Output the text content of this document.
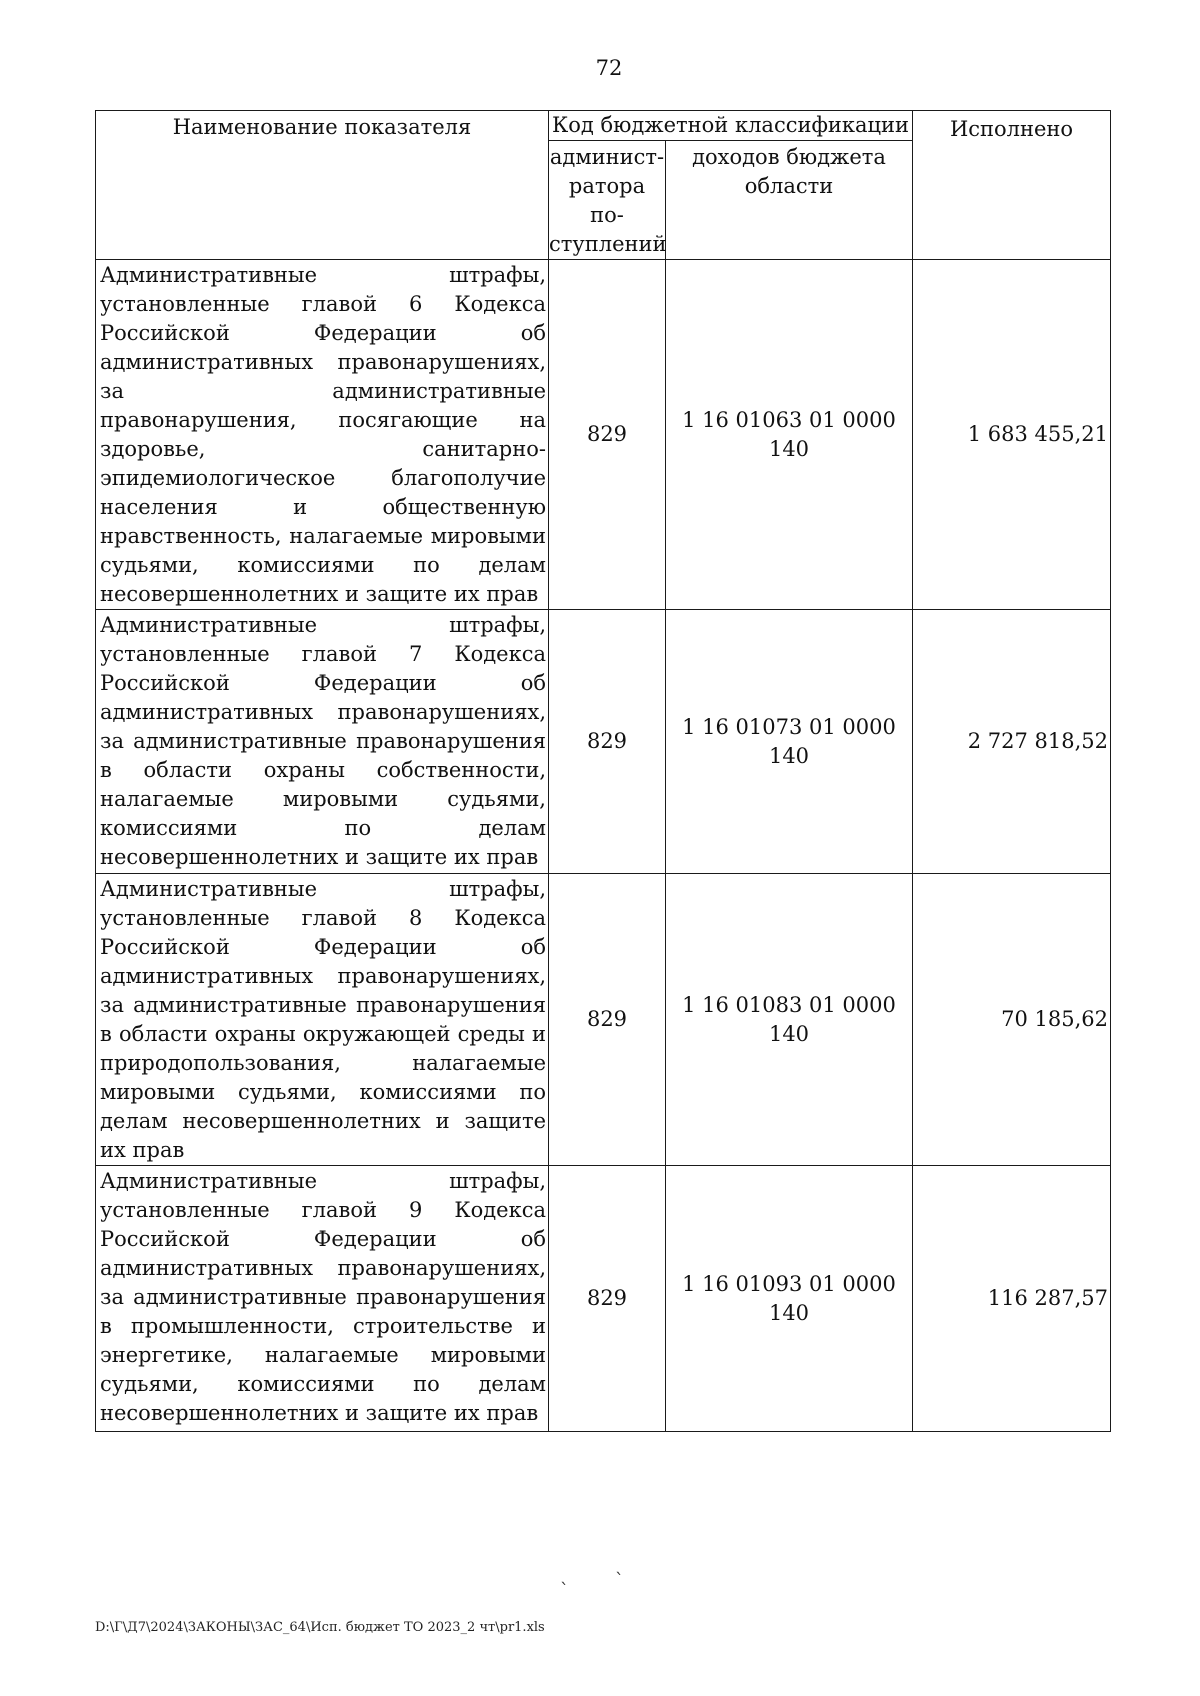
72
Наименование показателя	Код бюджетной классификации		Исполнено
	админист-ратора по-ступлений	доходов бюджета области	
Административные штрафы, установленные главой 6 Кодекса Российской Федерации об административных правонарушениях, за административные правонарушения, посягающие на здоровье, санитарно-эпидемиологическое благополучие населения и общественную нравственность, налагаемые мировыми судьями, комиссиями по делам несовершеннолетних и защите их прав	829	1 16 01063 01 0000 140	1 683 455,21
Административные штрафы, установленные главой 7 Кодекса Российской Федерации об административных правонарушениях, за административные правонарушения в области охраны собственности, налагаемые мировыми судьями, комиссиями по делам несовершеннолетних и защите их прав	829	1 16 01073 01 0000 140	2 727 818,52
Административные штрафы, установленные главой 8 Кодекса Российской Федерации об административных правонарушениях, за административные правонарушения в области охраны окружающей среды и природопользования, налагаемые мировыми судьями, комиссиями по делам несовершеннолетних и защите их прав	829	1 16 01083 01 0000 140	70 185,62
Административные штрафы, установленные главой 9 Кодекса Российской Федерации об административных правонарушениях, за административные правонарушения в промышленности, строительстве и энергетике, налагаемые мировыми судьями, комиссиями по делам несовершеннолетних и защите их прав	829	1 16 01093 01 0000 140	116 287,57
`	`
D:\Г\Д7\2024\ЗАКОНЫ\ЗАС_64\Исп. бюджет ТО 2023_2 чт\pr1.xls
